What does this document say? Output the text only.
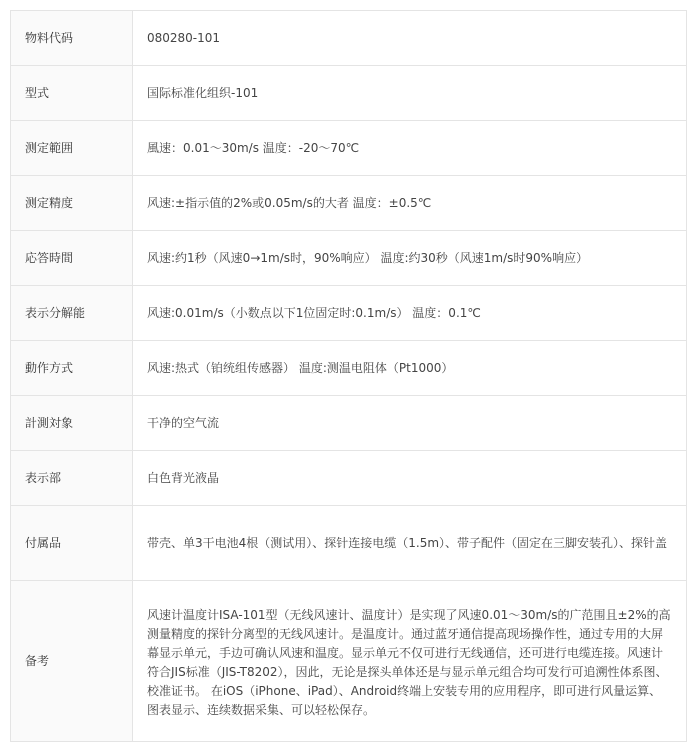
物料代码	080280-101
型式	国际标准化组织-101
测定範囲	風速：0.01～30m/s 温度：-20～70℃
测定精度	风速:±指示值的2%或0.05m/s的大者 温度：±0.5℃
応答時間	风速:约1秒（风速0→1m/s时，90%响应） 温度:约30秒（风速1m/s时90%响应）
表示分解能	风速:0.01m/s（小数点以下1位固定时:0.1m/s） 温度：0.1℃
動作方式	风速:热式（铂统组传感器） 温度:测温电阻体（Pt1000）
計測対象	干净的空气流
表示部	白色背光液晶
付属品	带壳、单3干电池4根（测试用）、探针连接电缆（1.5m）、带子配件（固定在三脚安装孔）、探针盖
备考	风速计温度计ISA-101型（无线风速计、温度计）是实现了风速0.01～30m/s的广范围且±2%的高测量精度的探针分离型的无线风速计。是温度计。通过蓝牙通信提高现场操作性，通过专用的大屏幕显示单元，手边可确认风速和温度。显示单元不仅可进行无线通信，还可进行电缆连接。风速计符合JIS标准（JIS-T8202），因此，无论是探头单体还是与显示单元组合均可发行可追溯性体系图、校准证书。 在iOS（iPhone、iPad）、Android终端上安装专用的应用程序，即可进行风量运算、图表显示、连续数据采集、可以轻松保存。
